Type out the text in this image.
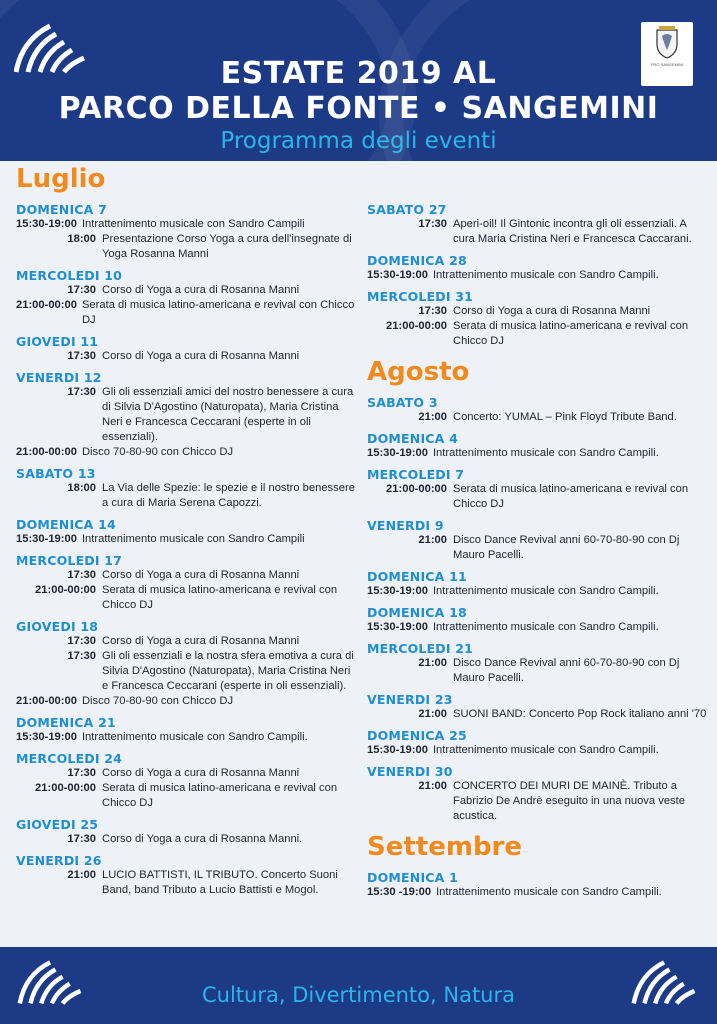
PRO SANGEMINI
ESTATE 2019 AL
PARCO DELLA FONTE • SANGEMINI
Programma degli eventi
Luglio
DOMENICA 7
15:30-19:00 Intrattenimento musicale con Sandro Campili
18:00 Presentazione Corso Yoga a cura dell'insegnate di Yoga Rosanna Manni
MERCOLEDI 10
17:30 Corso di Yoga a cura di Rosanna Manni
21:00-00:00 Serata di musica latino-americana e revival con Chicco DJ
GIOVEDI 11
17:30 Corso di Yoga a cura di Rosanna Manni
VENERDI 12
17:30 Gli oli essenziali amici del nostro benessere a cura di Silvia D'Agostino (Naturopata), Maria Cristina Neri e Francesca Ceccarani (esperte in oli essenziali).
21:00-00:00 Disco 70-80-90 con Chicco DJ
SABATO 13
18:00 La Via delle Spezie: le spezie e il nostro benessere a cura di Maria Serena Capozzi.
DOMENICA 14
15:30-19:00 Intrattenimento musicale con Sandro Campili
MERCOLEDI 17
17:30 Corso di Yoga a cura di Rosanna Manni
21:00-00:00 Serata di musica latino-americana e revival con Chicco DJ
GIOVEDI 18
17:30 Corso di Yoga a cura di Rosanna Manni
17:30 Gli oli essenziali e la nostra sfera emotiva a cura di Silvia D'Agostino (Naturopata), Maria Cristina Neri e Francesca Ceccarani (esperte in oli essenziali).
21:00-00:00 Disco 70-80-90 con Chicco DJ
DOMENICA 21
15:30-19:00 Intrattenimento musicale con Sandro Campili.
MERCOLEDI 24
17:30 Corso di Yoga a cura di Rosanna Manni
21:00-00:00 Serata di musica latino-americana e revival con Chicco DJ
GIOVEDI 25
17:30 Corso di Yoga a cura di Rosanna Manni.
VENERDI 26
21:00 LUCIO BATTISTI, IL TRIBUTO. Concerto Suoni Band, band Tributo a Lucio Battisti e Mogol.
SABATO 27
17:30 Aperi-oil! Il Gintonic incontra gli oli essenziali. A cura Maria Cristina Neri e Francesca Caccarani.
DOMENICA 28
15:30-19:00 Intrattenimento musicale con Sandro Campili.
MERCOLEDI 31
17:30 Corso di Yoga a cura di Rosanna Manni
21:00-00:00 Serata di musica latino-americana e revival con Chicco DJ
Agosto
SABATO 3
21:00 Concerto: YUMAL – Pink Floyd Tribute Band.
DOMENICA 4
15:30-19:00 Intrattenimento musicale con Sandro Campili.
MERCOLEDI 7
21:00-00:00 Serata di musica latino-americana e revival con Chicco DJ
VENERDI 9
21:00 Disco Dance Revival anni 60-70-80-90 con Dj Mauro Pacelli.
DOMENICA 11
15:30-19:00 Intrattenimento musicale con Sandro Campili.
DOMENICA 18
15:30-19:00 Intrattenimento musicale con Sandro Campili.
MERCOLEDI 21
21:00 Disco Dance Revival anni 60-70-80-90 con Dj Mauro Pacelli.
VENERDI 23
21:00 SUONI BAND: Concerto Pop Rock italiano anni '70
DOMENICA 25
15:30-19:00 Intrattenimento musicale con Sandro Campili.
VENERDI 30
21:00 CONCERTO DEI MURI DE MAINÈ. Tributo a Fabrizio De Andrè eseguito in una nuova veste acustica.
Settembre
DOMENICA 1
15:30 -19:00 Intrattenimento musicale con Sandro Campili.
Cultura, Divertimento, Natura
